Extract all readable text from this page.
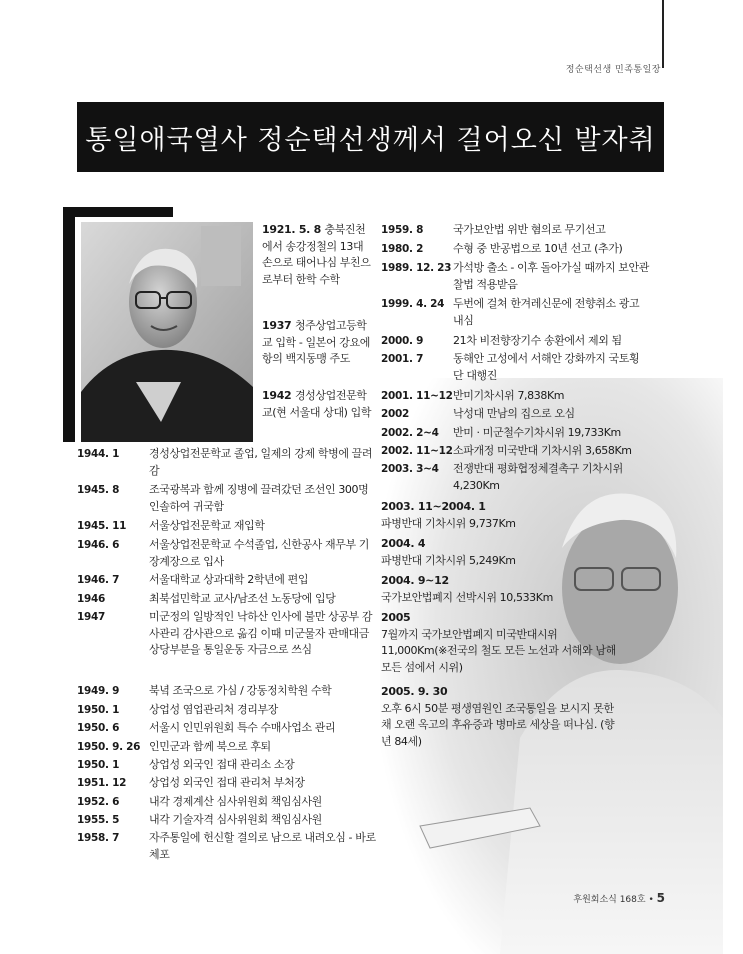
정순택선생 민족통일장
통일애국열사 정순택선생께서 걸어오신 발자취
1921. 5. 8 충북진천에서 송강정철의 13대 손으로 태어나심 부친으로부터 한학 수학
1937 청주상업고등학교 입학 - 일본어 강요에 항의 백지동맹 주도
1942 경성상업전문학교(현 서울대 상대) 입학
1944. 1	경성상업전문학교 졸업, 일제의 강제 학병에 끌려감
1945. 8	조국광복과 함께 징병에 끌려갔던 조선인 300명 인솔하여 귀국함
1945. 11 서울상업전문학교 재입학
1946. 6	서울상업전문학교 수석졸업, 신한공사 재무부 기장계장으로 입사
1946. 7	서울대학교 상과대학 2학년에 편입
1946	최북섭민학교 교사/남조선 노동당에 입당
1947	미군정의 일방적인 낙하산 인사에 불만 상공부 감사관리 감사관으로 옮김 이때 미군물자 판매대금 상당부분을 통일운동 자금으로 쓰심
1949. 9	북녘 조국으로 가심 / 강동정치학원 수학
1950. 1	상업성 염업관리처 경리부장
1950. 6	서울시 인민위원회 특수 수매사업소 관리
1950. 9. 26 인민군과 함께 북으로 후퇴
1950. 1	상업성 외국인 접대 관리소 소장
1951. 12 상업성 외국인 접대 관리처 부처장
1952. 6	내각 경제계산 심사위원회 책임심사원
1955. 5	내각 기술자격 심사위원회 책임심사원
1958. 7	자주통일에 헌신할 결의로 남으로 내려오심 - 바로 체포
1959. 8	국가보안법 위반 혐의로 무기선고
1980. 2	수형 중 반공법으로 10년 선고 (추가)
1989. 12. 23 가석방 출소 - 이후 돌아가실 때까지 보안관찰법 적용받음
1999. 4. 24 두번에 걸쳐 한겨레신문에 전향취소 광고 내심
2000. 9	21차 비전향장기수 송환에서 제외 됨
2001. 7	동해안 고성에서 서해안 강화까지 국토횡단 대행진
2001. 11~12 반미기차시위 7,838Km
2002	낙성대 만남의 집으로 오심
2002. 2~4 반미 · 미군철수기차시위 19,733Km
2002. 11~12 소파개정 미국반대 기차시위 3,658Km
2003. 3~4 전쟁반대 평화협정체결촉구 기차시위 4,230Km
2003. 11~2004. 1
파병반대 기차시위 9,737Km
2004. 4
파병반대 기차시위 5,249Km
2004. 9~12
국가보안법폐지 선박시위 10,533Km
2005
7월까지 국가보안법폐지 미국반대시위 11,000Km(※전국의 철도 모든 노선과 서해와 남해 모든 섬에서 시위)
2005. 9. 30
오후 6시 50분 평생염원인 조국통일을 보시지 못한 채 오랜 옥고의 후유증과 병마로 세상을 떠나심. (향년 84세)
후원회소식 168호 • 5
